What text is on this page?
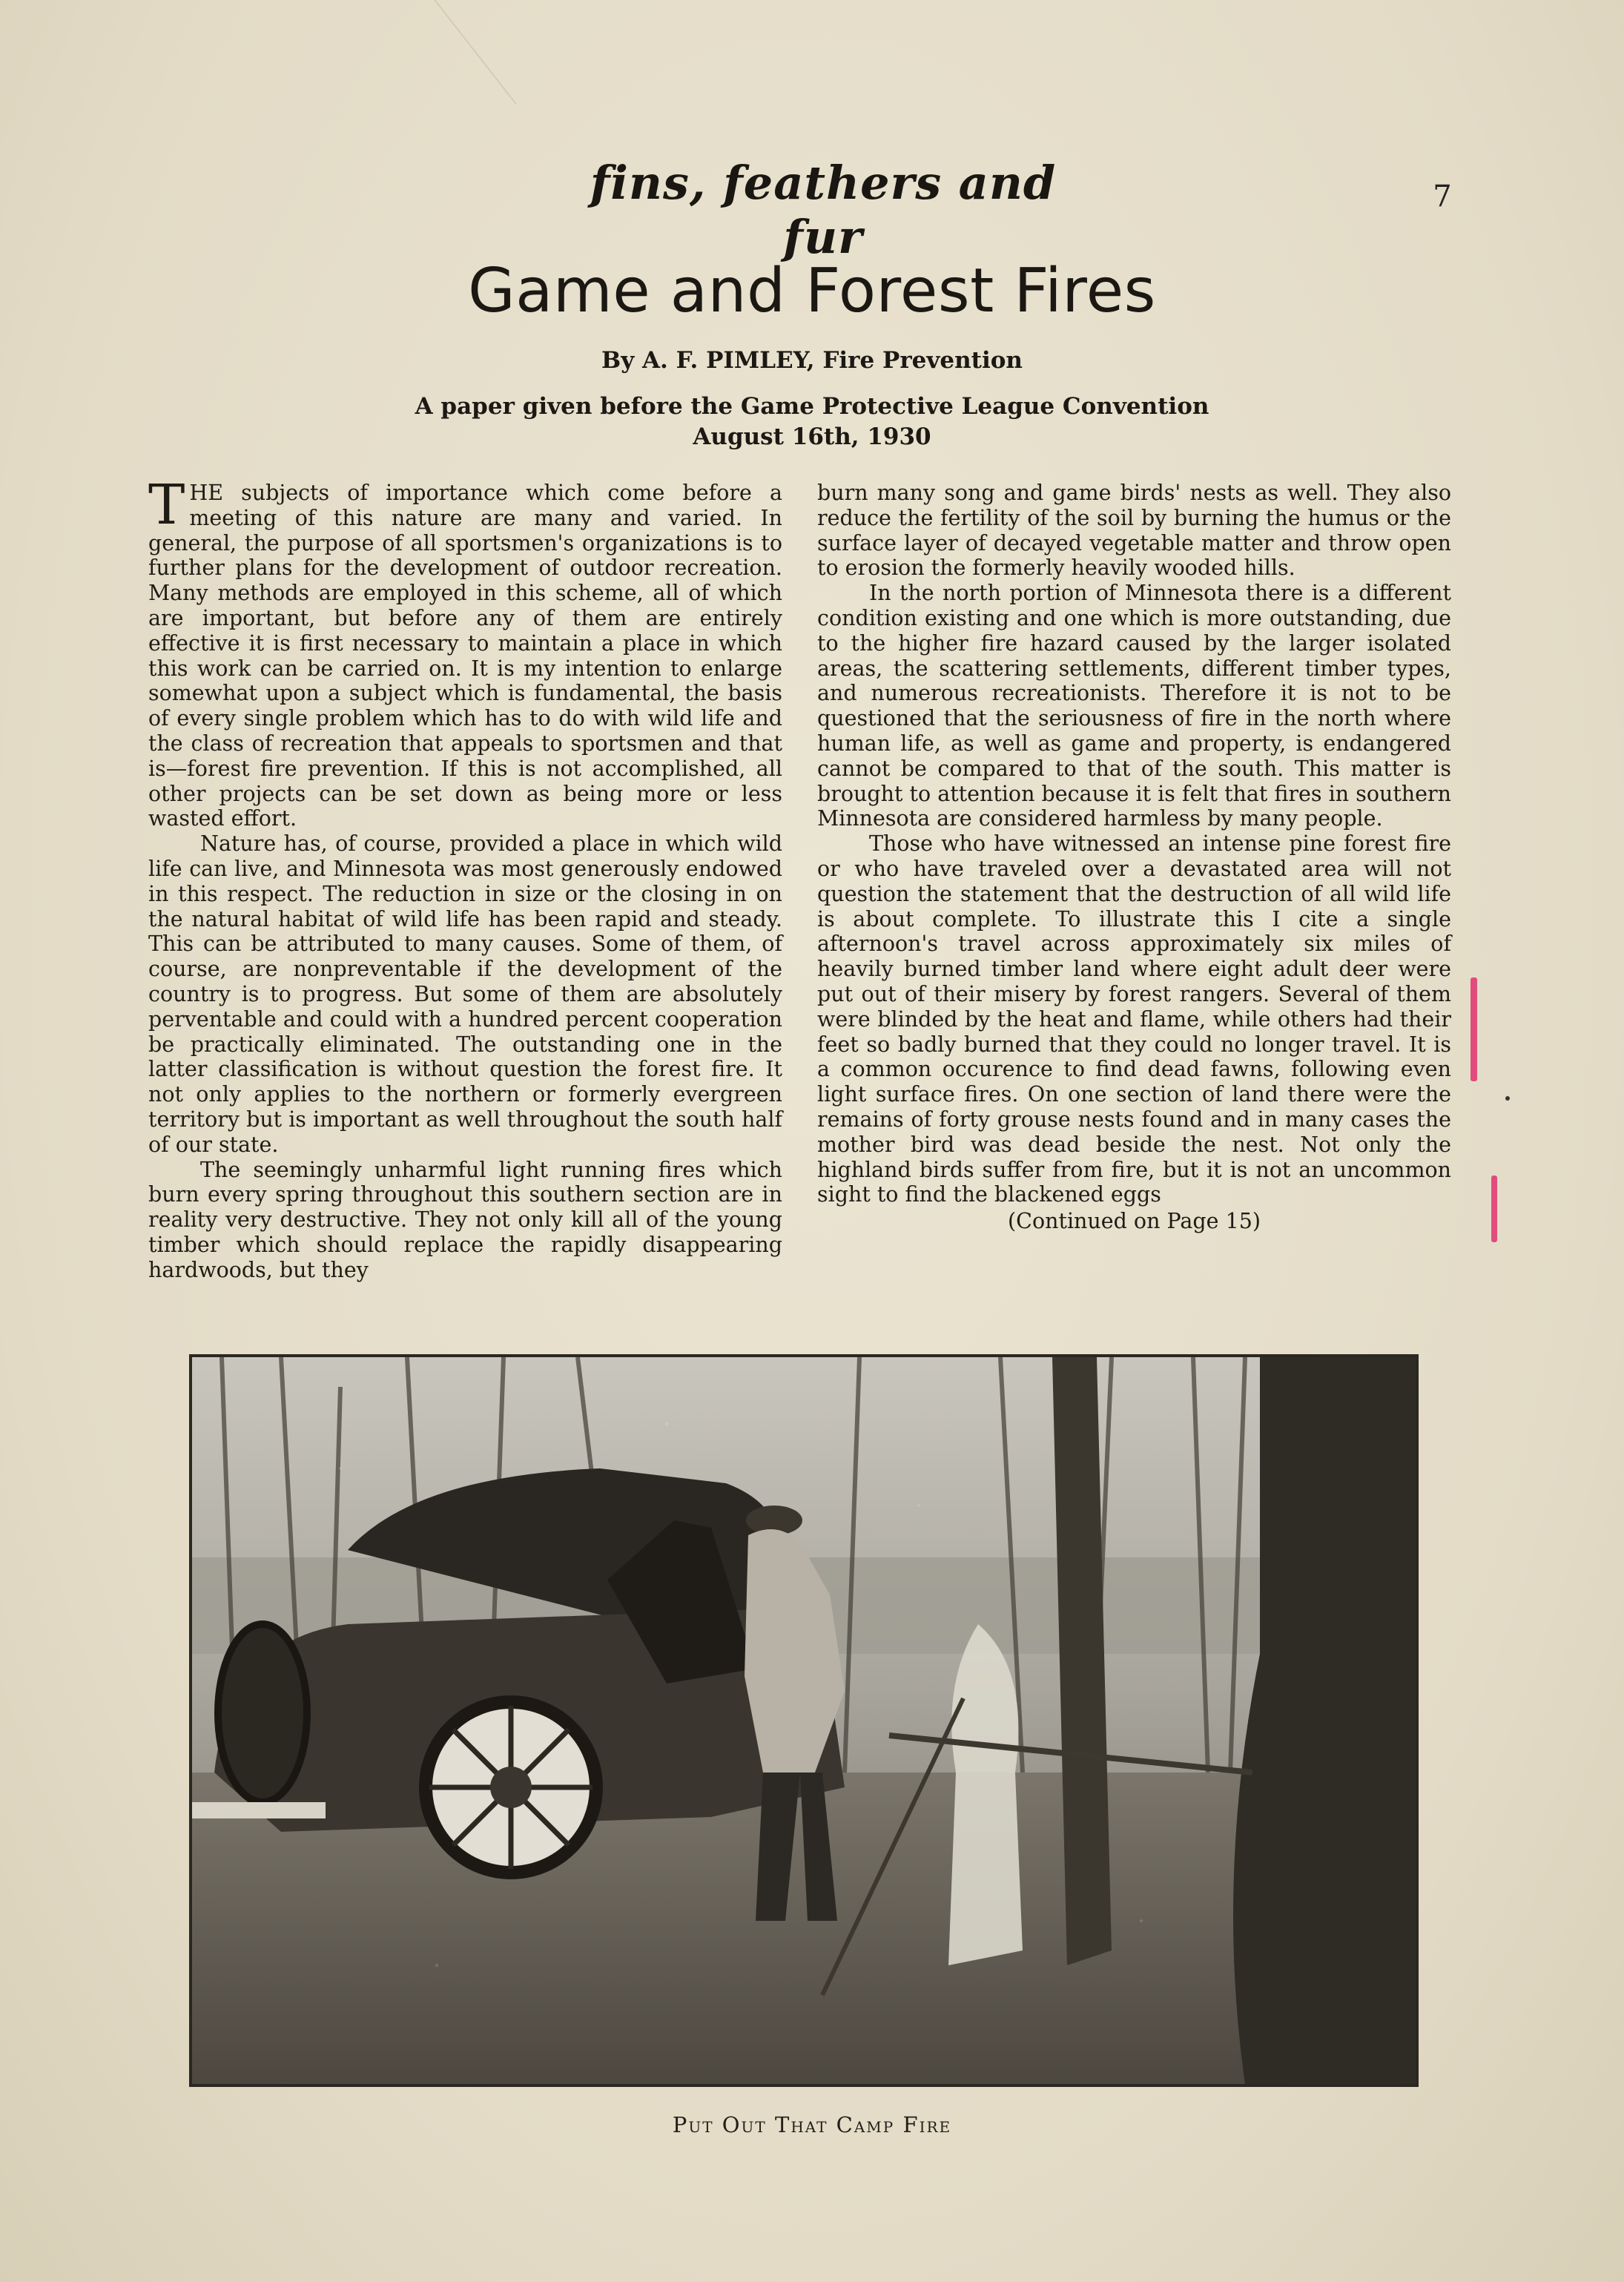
fins, feathers and fur
7
Game and Forest Fires
By A. F. PIMLEY, Fire Prevention
A paper given before the Game Protective League Convention
August 16th, 1930

THE subjects of importance which come before a meeting of this nature are many and varied. In general, the purpose of all sportsmen's organizations is to further plans for the development of outdoor recreation. Many methods are employed in this scheme, all of which are important, but before any of them are entirely effective it is first necessary to maintain a place in which this work can be carried on. It is my intention to enlarge somewhat upon a subject which is fundamental, the basis of every single problem which has to do with wild life and the class of recreation that appeals to sportsmen and that is—forest fire prevention. If this is not accomplished, all other projects can be set down as being more or less wasted effort.

Nature has, of course, provided a place in which wild life can live, and Minnesota was most generously endowed in this respect. The reduction in size or the closing in on the natural habitat of wild life has been rapid and steady. This can be attributed to many causes. Some of them, of course, are nonpreventable if the development of the country is to progress. But some of them are absolutely perventable and could with a hundred percent cooperation be practically eliminated. The outstanding one in the latter classification is without question the forest fire. It not only applies to the northern or formerly evergreen territory but is important as well throughout the south half of our state.

The seemingly unharmful light running fires which burn every spring throughout this southern section are in reality very destructive. They not only kill all of the young timber which should replace the rapidly disappearing hardwoods, but they

burn many song and game birds' nests as well. They also reduce the fertility of the soil by burning the humus or the surface layer of decayed vegetable matter and throw open to erosion the formerly heavily wooded hills.

In the north portion of Minnesota there is a different condition existing and one which is more outstanding, due to the higher fire hazard caused by the larger isolated areas, the scattering settlements, different timber types, and numerous recreationists. Therefore it is not to be questioned that the seriousness of fire in the north where human life, as well as game and property, is endangered cannot be compared to that of the south. This matter is brought to attention because it is felt that fires in southern Minnesota are considered harmless by many people.

Those who have witnessed an intense pine forest fire or who have traveled over a devastated area will not question the statement that the destruction of all wild life is about complete. To illustrate this I cite a single afternoon's travel across approximately six miles of heavily burned timber land where eight adult deer were put out of their misery by forest rangers. Several of them were blinded by the heat and flame, while others had their feet so badly burned that they could no longer travel. It is a common occurence to find dead fawns, following even light surface fires. On one section of land there were the remains of forty grouse nests found and in many cases the mother bird was dead beside the nest. Not only the highland birds suffer from fire, but it is not an uncommon sight to find the blackened eggs

(Continued on Page 15)

Put Out That Camp Fire
